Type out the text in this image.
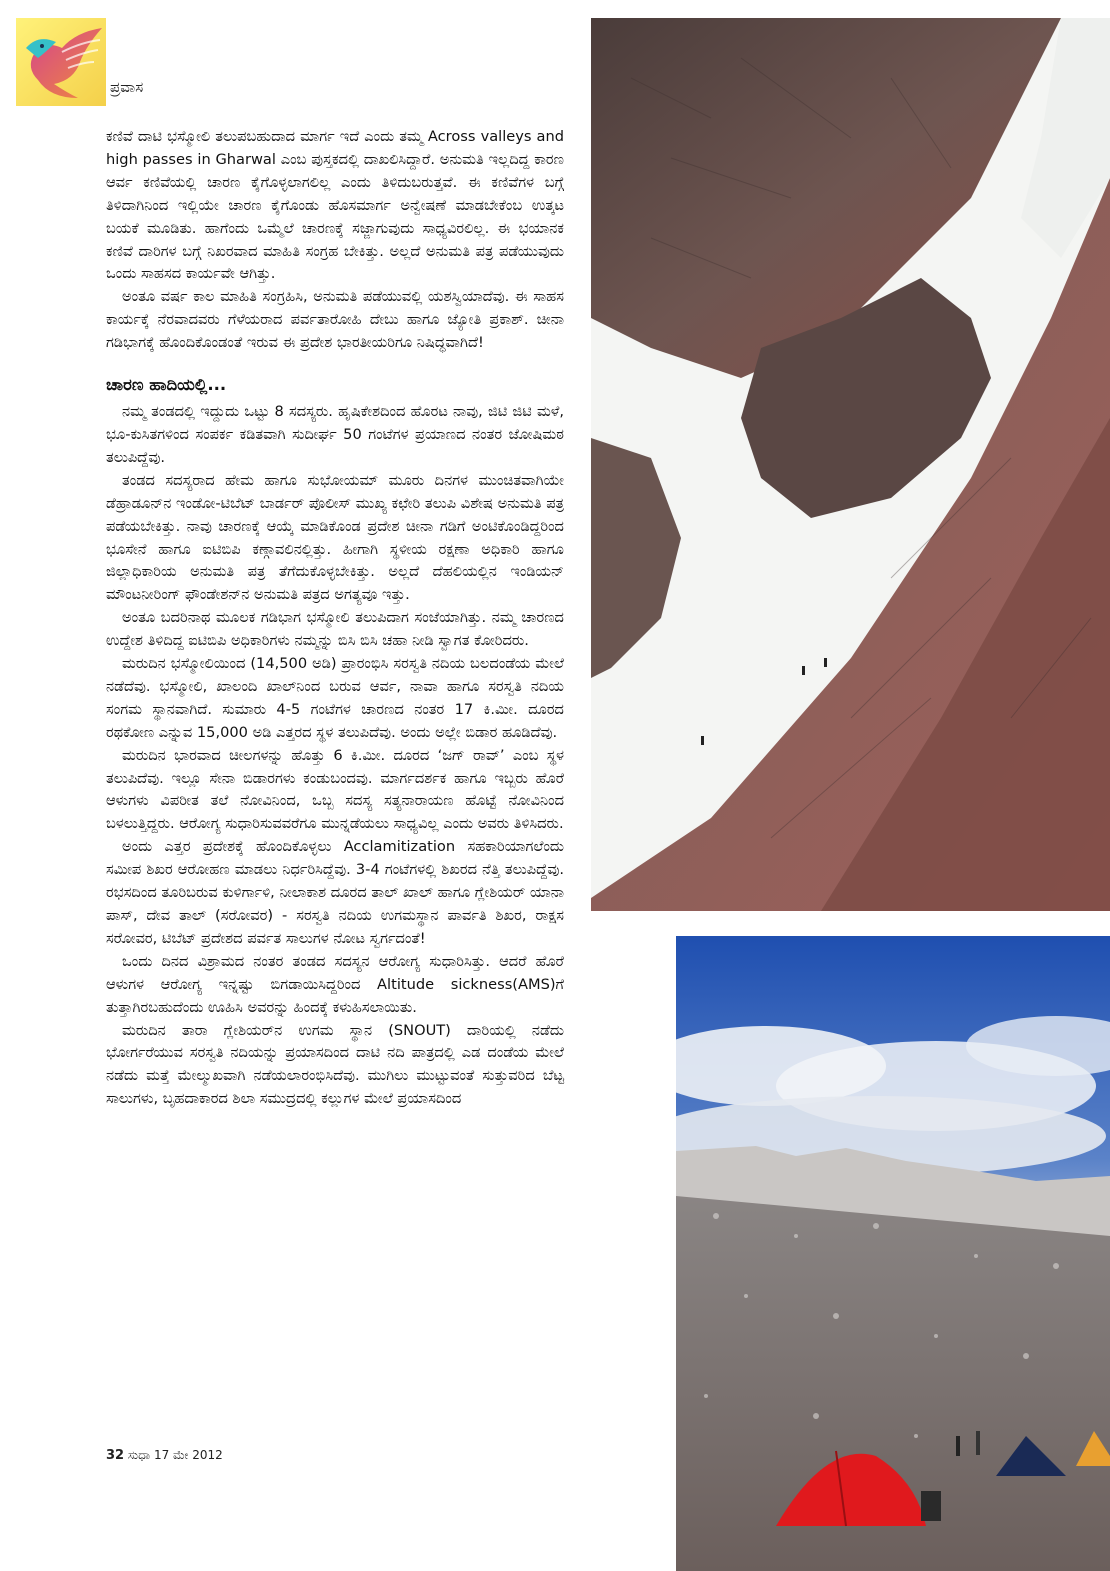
ಪ್ರವಾಸ

ಕಣಿವೆ ದಾಟಿ ಭಸ್ಮೋಲಿ ತಲುಪಬಹುದಾದ ಮಾರ್ಗ ಇದೆ ಎಂದು ತಮ್ಮ Across valleys and high passes in Gharwal ಎಂಬ ಪುಸ್ತಕದಲ್ಲಿ ದಾಖಲಿಸಿದ್ದಾರೆ. ಅನುಮತಿ ಇಲ್ಲದಿದ್ದ ಕಾರಣ ಆರ್ವ ಕಣಿವೆಯಲ್ಲಿ ಚಾರಣ ಕೈಗೊಳ್ಳಲಾಗಲಿಲ್ಲ ಎಂದು ತಿಳಿದುಬರುತ್ತವೆ. ಈ ಕಣಿವೆಗಳ ಬಗ್ಗೆ ತಿಳಿದಾಗಿನಿಂದ ಇಲ್ಲಿಯೇ ಚಾರಣ ಕೈಗೊಂಡು ಹೊಸಮಾರ್ಗ ಅನ್ವೇಷಣೆ ಮಾಡಬೇಕೆಂಬ ಉತ್ಕಟ ಬಯಕೆ ಮೂಡಿತು. ಹಾಗೆಂದು ಒಮ್ಮೆಲೆ ಚಾರಣಕ್ಕೆ ಸಜ್ಜಾಗುವುದು ಸಾಧ್ಯವಿರಲಿಲ್ಲ. ಈ ಭಯಾನಕ ಕಣಿವೆ ದಾರಿಗಳ ಬಗ್ಗೆ ನಿಖರವಾದ ಮಾಹಿತಿ ಸಂಗ್ರಹ ಬೇಕಿತ್ತು. ಅಲ್ಲದೆ ಅನುಮತಿ ಪತ್ರ ಪಡೆಯುವುದು ಒಂದು ಸಾಹಸದ ಕಾರ್ಯವೇ ಆಗಿತ್ತು.

ಅಂತೂ ವರ್ಷ ಕಾಲ ಮಾಹಿತಿ ಸಂಗ್ರಹಿಸಿ, ಅನುಮತಿ ಪಡೆಯುವಲ್ಲಿ ಯಶಸ್ವಿಯಾದೆವು. ಈ ಸಾಹಸ ಕಾರ್ಯಕ್ಕೆ ನೆರವಾದವರು ಗೆಳೆಯರಾದ ಪರ್ವತಾರೋಹಿ ದೇಬು ಹಾಗೂ ಜ್ಯೋತಿ ಪ್ರಕಾಶ್. ಚೀನಾ ಗಡಿಭಾಗಕ್ಕೆ ಹೊಂದಿಕೊಂಡಂತೆ ಇರುವ ಈ ಪ್ರದೇಶ ಭಾರತೀಯರಿಗೂ ನಿಷಿದ್ಧವಾಗಿದೆ!

ಚಾರಣ ಹಾದಿಯಲ್ಲಿ...

ನಮ್ಮ ತಂಡದಲ್ಲಿ ಇದ್ದುದು ಒಟ್ಟು 8 ಸದಸ್ಯರು. ಹೃಷಿಕೇಶದಿಂದ ಹೊರಟ ನಾವು, ಜಿಟಿ ಜಿಟಿ ಮಳೆ, ಭೂ-ಕುಸಿತಗಳಿಂದ ಸಂಪರ್ಕ ಕಡಿತವಾಗಿ ಸುದೀರ್ಘ 50 ಗಂಟೆಗಳ ಪ್ರಯಾಣದ ನಂತರ ಜೋಷಿಮಠ ತಲುಪಿದ್ದೆವು.

ತಂಡದ ಸದಸ್ಯರಾದ ಹೇಮ ಹಾಗೂ ಸುಭೋಯಮ್ ಮೂರು ದಿನಗಳ ಮುಂಚಿತವಾಗಿಯೇ ಡೆಹ್ರಾಡೂನ್‌ನ ಇಂಡೋ-ಟಿಬೆಟ್ ಬಾರ್ಡರ್ ಪೊಲೀಸ್ ಮುಖ್ಯ ಕಛೇರಿ ತಲುಪಿ ವಿಶೇಷ ಅನುಮತಿ ಪತ್ರ ಪಡೆಯಬೇಕಿತ್ತು. ನಾವು ಚಾರಣಕ್ಕೆ ಆಯ್ಕೆ ಮಾಡಿಕೊಂಡ ಪ್ರದೇಶ ಚೀನಾ ಗಡಿಗೆ ಅಂಟಿಕೊಂಡಿದ್ದರಿಂದ ಭೂಸೇನೆ ಹಾಗೂ ಐಟಿಬಿಪಿ ಕಣ್ಗಾವಲಿನಲ್ಲಿತ್ತು. ಹೀಗಾಗಿ ಸ್ಥಳೀಯ ರಕ್ಷಣಾ ಅಧಿಕಾರಿ ಹಾಗೂ ಜಿಲ್ಲಾಧಿಕಾರಿಯ ಅನುಮತಿ ಪತ್ರ ತೆಗೆದುಕೊಳ್ಳಬೇಕಿತ್ತು. ಅಲ್ಲದೆ ದೆಹಲಿಯಲ್ಲಿನ ಇಂಡಿಯನ್ ಮೌಂಟನೀರಿಂಗ್ ಫೌಂಡೇಶನ್‌ನ ಅನುಮತಿ ಪತ್ರದ ಅಗತ್ಯವೂ ಇತ್ತು.

ಅಂತೂ ಬದರಿನಾಥ ಮೂಲಕ ಗಡಿಭಾಗ ಭಸ್ಮೋಲಿ ತಲುಪಿದಾಗ ಸಂಜೆಯಾಗಿತ್ತು. ನಮ್ಮ ಚಾರಣದ ಉದ್ದೇಶ ತಿಳಿದಿದ್ದ ಐಟಿಬಿಪಿ ಅಧಿಕಾರಿಗಳು ನಮ್ಮನ್ನು ಬಿಸಿ ಬಿಸಿ ಚಹಾ ನೀಡಿ ಸ್ವಾಗತ ಕೋರಿದರು.

ಮರುದಿನ ಭಸ್ಮೋಲಿಯಿಂದ (14,500 ಅಡಿ) ಪ್ರಾರಂಭಿಸಿ ಸರಸ್ವತಿ ನದಿಯ ಬಲದಂಡೆಯ ಮೇಲೆ ನಡೆದೆವು. ಭಸ್ಮೋಲಿ, ಖಾಲಂದಿ ಖಾಲ್‌ನಿಂದ ಬರುವ ಆರ್ವ, ನಾವಾ ಹಾಗೂ ಸರಸ್ವತಿ ನದಿಯ ಸಂಗಮ ಸ್ಥಾನವಾಗಿದೆ. ಸುಮಾರು 4-5 ಗಂಟೆಗಳ ಚಾರಣದ ನಂತರ 17 ಕಿ.ಮೀ. ದೂರದ ರಥಕೋಣ ಎನ್ನುವ 15,000 ಅಡಿ ಎತ್ತರದ ಸ್ಥಳ ತಲುಪಿದೆವು. ಅಂದು ಅಲ್ಲೇ ಬಿಡಾರ ಹೂಡಿದೆವು.

ಮರುದಿನ ಭಾರವಾದ ಚೀಲಗಳನ್ನು ಹೊತ್ತು 6 ಕಿ.ಮೀ. ದೂರದ ‘ಜಗ್ ರಾವ್’ ಎಂಬ ಸ್ಥಳ ತಲುಪಿದೆವು. ಇಲ್ಲೂ ಸೇನಾ ಬಿಡಾರಗಳು ಕಂಡುಬಂದವು. ಮಾರ್ಗದರ್ಶಕ ಹಾಗೂ ಇಬ್ಬರು ಹೊರೆ ಆಳುಗಳು ವಿಪರೀತ ತಲೆ ನೋವಿನಿಂದ, ಒಬ್ಬ ಸದಸ್ಯ ಸತ್ಯನಾರಾಯಣ ಹೊಟ್ಟೆ ನೋವಿನಿಂದ ಬಳಲುತ್ತಿದ್ದರು. ಆರೋಗ್ಯ ಸುಧಾರಿಸುವವರೆಗೂ ಮುನ್ನಡೆಯಲು ಸಾಧ್ಯವಿಲ್ಲ ಎಂದು ಅವರು ತಿಳಿಸಿದರು.

ಅಂದು ಎತ್ತರ ಪ್ರದೇಶಕ್ಕೆ ಹೊಂದಿಕೊಳ್ಳಲು Acclamitization ಸಹಕಾರಿಯಾಗಲೆಂದು ಸಮೀಪ ಶಿಖರ ಆರೋಹಣ ಮಾಡಲು ನಿರ್ಧರಿಸಿದ್ದೆವು. 3-4 ಗಂಟೆಗಳಲ್ಲಿ ಶಿಖರದ ನೆತ್ತಿ ತಲುಪಿದ್ದೆವು. ರಭಸದಿಂದ ತೂರಿಬರುವ ಕುಳಿರ್ಗಾಳಿ, ನೀಲಾಕಾಶ ದೂರದ ತಾಲ್ ಖಾಲ್ ಹಾಗೂ ಗ್ಲೇಶಿಯರ್ ಯಾನಾ ಪಾಸ್, ದೇವ ತಾಲ್ (ಸರೋವರ) - ಸರಸ್ವತಿ ನದಿಯ ಉಗಮಸ್ಥಾನ ಪಾರ್ವತಿ ಶಿಖರ, ರಾಕ್ಷಸ ಸರೋವರ, ಟಿಬೆಟ್ ಪ್ರದೇಶದ ಪರ್ವತ ಸಾಲುಗಳ ನೋಟ ಸ್ವರ್ಗದಂತೆ!

ಒಂದು ದಿನದ ವಿಶ್ರಾಮದ ನಂತರ ತಂಡದ ಸದಸ್ಯನ ಆರೋಗ್ಯ ಸುಧಾರಿಸಿತ್ತು. ಆದರೆ ಹೊರೆ ಆಳುಗಳ ಆರೋಗ್ಯ ಇನ್ನಷ್ಟು ಬಿಗಡಾಯಿಸಿದ್ದರಿಂದ Altitude sickness(AMS)ಗೆ ತುತ್ತಾಗಿರಬಹುದೆಂದು ಊಹಿಸಿ ಅವರನ್ನು ಹಿಂದಕ್ಕೆ ಕಳುಹಿಸಲಾಯಿತು.

ಮರುದಿನ ತಾರಾ ಗ್ಲೇಶಿಯರ್‌ನ ಉಗಮ ಸ್ಥಾನ (SNOUT) ದಾರಿಯಲ್ಲಿ ನಡೆದು ಭೋರ್ಗರೆಯುವ ಸರಸ್ವತಿ ನದಿಯನ್ನು ಪ್ರಯಾಸದಿಂದ ದಾಟಿ ನದಿ ಪಾತ್ರದಲ್ಲಿ ಎಡ ದಂಡೆಯ ಮೇಲೆ ನಡೆದು ಮತ್ತೆ ಮೇಲ್ಮುಖವಾಗಿ ನಡೆಯಲಾರಂಭಿಸಿದೆವು. ಮುಗಿಲು ಮುಟ್ಟುವಂತೆ ಸುತ್ತುವರಿದ ಬೆಟ್ಟ ಸಾಲುಗಳು, ಬೃಹದಾಕಾರದ ಶಿಲಾ ಸಮುದ್ರದಲ್ಲಿ ಕಲ್ಲುಗಳ ಮೇಲೆ ಪ್ರಯಾಸದಿಂದ

32 ಸುಧಾ 17 ಮೇ 2012
